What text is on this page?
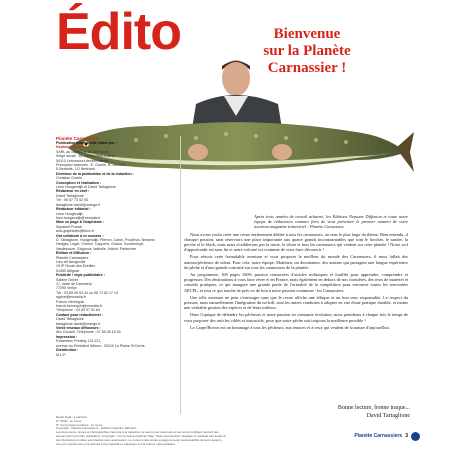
Édito	Bienvenue
sur la Planète
Carnassier !
Planète Carnassiers
Publication trimestrielle éditée par :
Neptune Diffusion
SARL au capital de 35.000 euros
Siège social : 16, rue du Dieu Chêne
54110 Lenoncourt-devant-Nancy
Principaux associés : E. Guérin, N. Abbaud,
E.Berbellé, J.D Bertrand
Directeur de la publication et de la rédaction :
Christian Guérin
Conception et réalisation :
Léon Hoogendijk et David Tartaglione
Rédacteur en chef :
David Tartaglione
Tél : 06 87 73 52 05
tartaglione.david@orange.fr
Rédacteur éditorial :
Léon Hoogendijk
leon.hoogendijk@neosdia.fr
Mise en page & Graphisme :
Squalent Franck
and-graphistes@libox.fr
Ont collaboré à ce numéro :
D. Tartaglione, Hoogendijk, Pierron, Carini, Pouilleux, Nessine,
Hedges, Leger, Chenel, Cappens, Giraud, Scodenkopf,
Vasilescuze, Grignoux, Isabelle, Mahut, Palancher
Édition et Diffusion :
Planète Carnassiers
Lieu dit Neugeville
19 IP Route des Eveillés
01360 Attignat
Publicité / régie publicitaire :
Sabine Gricet
17, route de Dammery
77290 Verlyn
Tél : 03.85.95.93.44 ou 06 73 82 17 14
sgricet@neosdia.fr
Franck Hervéguin
franck.hervequin@neosdia.fr
Téléphone : 03 83 97 51 64
Contact pour rédactionnel :
David Tartaglione
tartaglione.david@orange.fr
Vente réseaux diffuseurs :
Alix Conseil, Téléphone : 07 66 46 16 39
Impression :
Rossmann Printing 113-121,
avenue du Président Wilson - 93210 La Plaine St Denis
Distribution :
M.L.P.
Après trois années de travail acharné, les Éditions Neptune Diffusion et toute notre équipe de rédacteurs sommes fiers de vous présenter le premier numéro de votre nouveau magazine trimestriel : Planète Carnassier.

Nous avons voulu créer une revue entièrement dédiée à tous les carnassiers, au sens le plus large du thème. Bien entendu, il chasque passion, sans réservoirs une place importante aux quatre grands incontournables que sont le brochet, le sandre, la perche et le black, mais nous n'oublierons pas la truite, le silure et tous les carnassiers qui veulent sur cette planète ! Notre soif d'approfondir est sans fin et notre volonté est vraiment de vous faire découvrir !

Pour réussir cette formidable aventure et vous proposer le meilleur du monde des Carnassiers, il nous fallait des auteurs/pêcheurs de talent. Pour cela, notre équipe, Matthieu, un dessinateur, des auteurs qui partagent une longue expérience du pêche et d'une grande curiosité sur tous les carnassiers de la planète.

Au programme, 108 pages 100% passion consacrées d'articles techniques et fouillés pour apprendre, comprendre et progresser. Des destinations à vous faire rêver et en France, mais également en dehors de nos frontières, des tests de matériel et conseils pratiques, ce qui inaugure une grande partie de l'actualité de la compétition pour retrouver toutes les rencontres AFCPL, et tout ce qui touche de près ou de loin à notre passion commune : les Carnassiers.

Une telle aventure ne peut s'envisager sans que le revue affiche une éthique et un bon sens responsable. Le respect du poisson, mais naturellement l'intégration du no-kill, sont les autres conduites à adopter en vue d'une pratique durable, et moins une véritable gestion des espèces et de leurs milieux.

Dans l'optique de défendre les pêcheurs et notre passion en constante évolution, nous prendrons à chaque fois le temps de vous proposer des articles ciblés et instructifs, pour que notre pêche soit toujours la meilleure possible !

Le Carpe/Brown est un hommage à tous les pêcheurs, aux tenaces et à ceux qui veulent de la nature d'aujourd'hui.

Bonne lecture, bonne traque...
David Tartaglione
Dépôt légal : à parution.
N° ISSN : en cours
N° Commission paritaire : en cours
Copyright : Planète Carnassiers - Éditions Neptune Diffusion
Les documents, textes et photographies transmis à la rédaction ne seront pas retournés et leur envoi implique l'accord des
auteurs pour leur libre publication. Copyright : Curva Grana Collector Mag. Toute reproduction intégrale ou partielle des textes et
des illustrations publiés est interdite sans autorisation. Le contenu des textes engage la seule responsabilité de leurs auteurs.
Les prix mentionnés sont donnés à titre indicatif et s'appliquent à la France métropolitaine.
Planète Carnassiers 3
